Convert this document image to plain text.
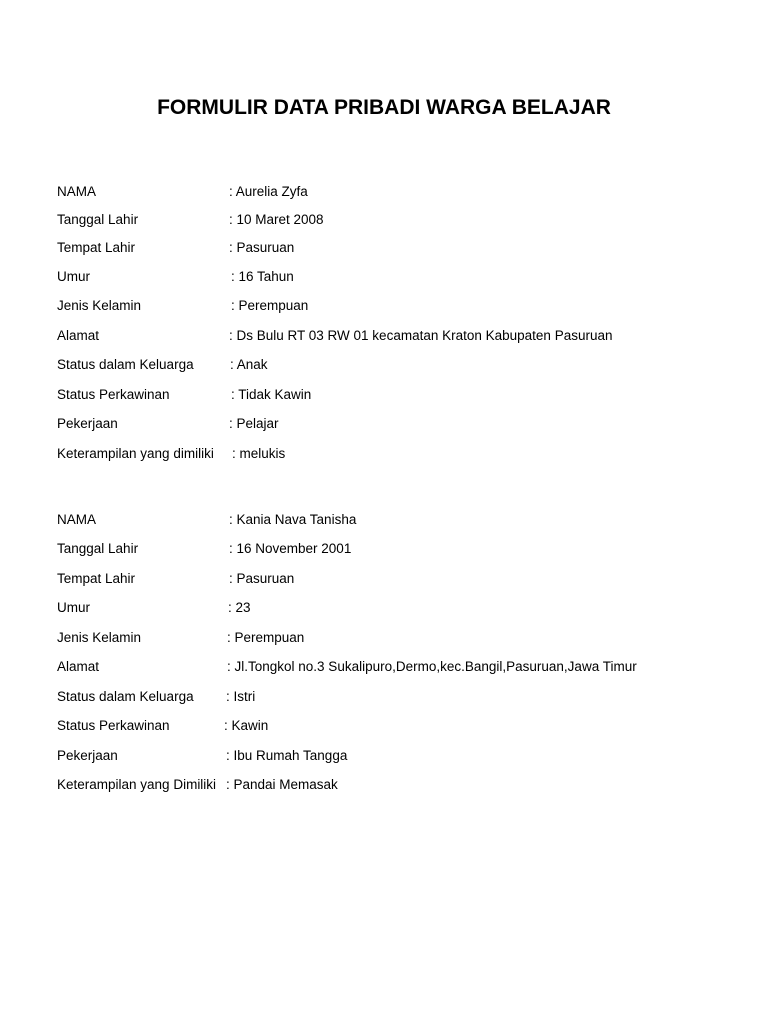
FORMULIR DATA PRIBADI WARGA BELAJAR
NAMA	: Aurelia Zyfa
Tanggal Lahir	: 10 Maret 2008
Tempat Lahir	: Pasuruan
Umur	: 16 Tahun
Jenis Kelamin	: Perempuan
Alamat	: Ds Bulu RT 03 RW 01 kecamatan Kraton Kabupaten Pasuruan
Status dalam Keluarga	: Anak
Status Perkawinan	: Tidak Kawin
Pekerjaan	: Pelajar
Keterampilan yang dimiliki : melukis
NAMA	: Kania Nava Tanisha
Tanggal Lahir	: 16 November 2001
Tempat Lahir	: Pasuruan
Umur	: 23
Jenis Kelamin	: Perempuan
Alamat	: Jl.Tongkol no.3 Sukalipuro,Dermo,kec.Bangil,Pasuruan,Jawa Timur
Status dalam Keluarga : Istri
Status Perkawinan	: Kawin
Pekerjaan	: Ibu Rumah Tangga
Keterampilan yang Dimiliki : Pandai Memasak
